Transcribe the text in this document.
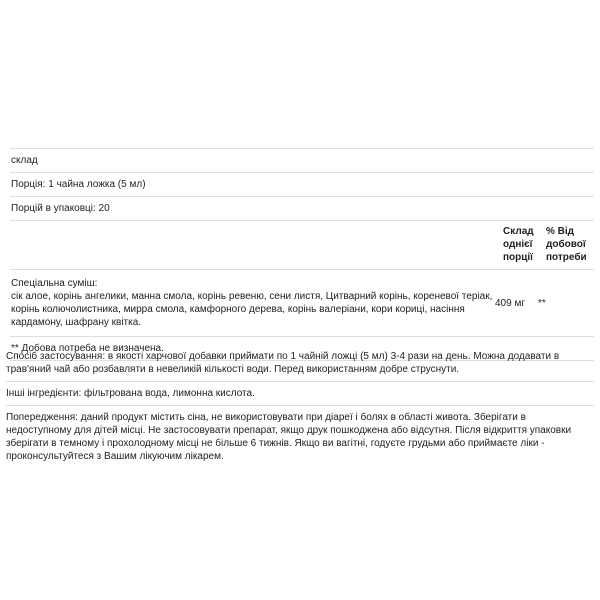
склад
Порція: 1 чайна ложка (5 мл)
Порцій в упаковці: 20
Склад однієї порції
% Від добової потреби
Спеціальна суміш:
сік алое, корінь ангелики, манна смола, корінь ревеню, сени листя, Цитварний корінь, кореневої теріак, корінь колючолистника, мирра смола, камфорного дерева, корінь валеріани, кори кориці, насіння кардамону, шафрану квітка.
409 мг	**
** Добова потреба не визначена.
Спосіб застосування: в якості харчової добавки приймати по 1 чайній ложці (5 мл) 3-4 рази на день. Можна додавати в трав'яний чай або розбавляти в невеликій кількості води. Перед використанням добре струснути.
Інші інгредієнти: фільтрована вода, лимонна кислота.
Попередження: даний продукт містить сіна, не використовувати при діареї і болях в області живота. Зберігати в недоступному для дітей місці. Не застосовувати препарат, якщо друк пошкоджена або відсутня. Після відкриття упаковки зберігати в темному і прохолодному місці не більше 6 тижнів. Якщо ви вагітні, годуєте грудьми або приймаєте ліки - проконсультуйтеся з Вашим лікуючим лікарем.
